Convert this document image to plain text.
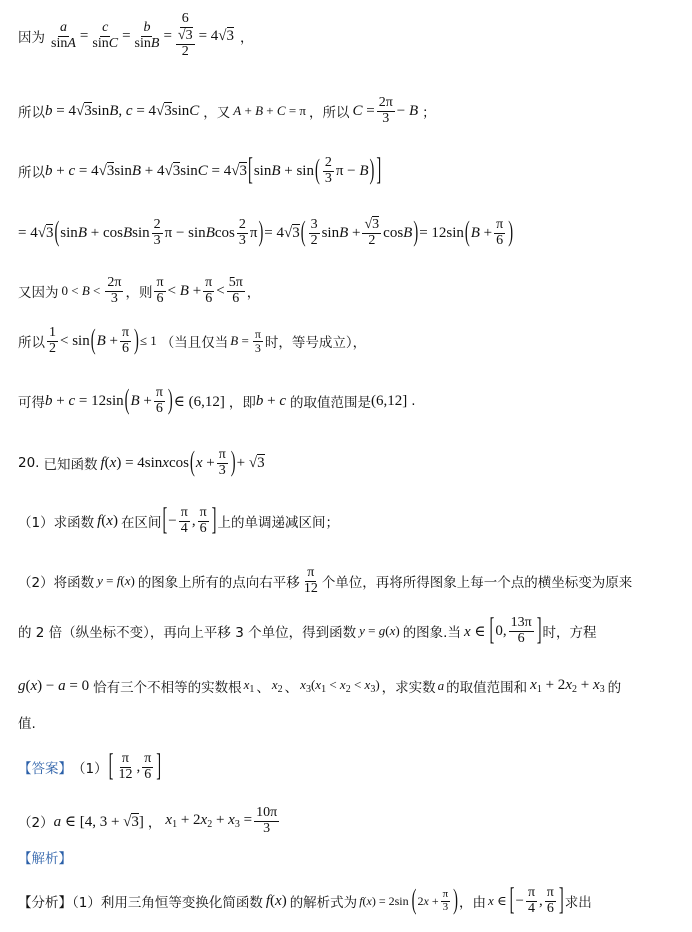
因为 $\frac{a}{\sin A} = \frac{c}{\sin C} = \frac{b}{\sin B} = 6$
√3
2 = 4√3 ，
所以 b = 4√3sinB, c = 4√3sinC ，又 A + B + C = π ，所以 $C = \frac{2\pi}{3} - B$ ；
所以 b + c = 4√3sinB + 4√3sinC = 4√3 [ sinB + sin ( $\frac{2}{3}$ π − B ) ]
= 4√3 ( sinB + cosBsin $\frac{2}{3}$ π − sinBcos $\frac{2}{3}$ π ) = 4√3 ( $\frac{3}{2}$ $\sin B + \frac{√3}{2}$ cosB ) = 12sin ( $B + \frac{\pi}{6}$ )
又因为 $0 < B < \frac{2\pi}{3}$ ，则 $\frac{\pi}{6} < B + \frac{\pi}{6} < \frac{5\pi}{6}$ ，
所以 $\frac{1}{2} < \sin$ ( $B + \frac{\pi}{6}$ ) ≤ 1 （当且仅当 $B = \frac{\pi}{3}$ 时，等号成立），
可得 b + c = 12sin ( $B + \frac{\pi}{6}$ ) ∈ (6,12] ，即 b + c 的取值范围是 (6,12] .
20. 已知函数 f(x) = 4sinxcos ( $x + \frac{\pi}{3}$ ) + √3
（1）求函数 f(x) 在区间 [ − $\frac{\pi}{4}$ , $\frac{\pi}{6}$ ] 上的单调递减区间；
（2）将函数 y = f(x) 的图象上所有的点向右平移 $\frac{\pi}{12}$ 个单位，再将所得图象上每一个点的横坐标变为原来
的 2 倍（纵坐标不变），再向上平移 3 个单位，得到函数 y = g(x) 的图象.当 x ∈ [ 0, $\frac{13\pi}{6}$ ] 时，方程
g(x) − a = 0 恰有三个不相等的实数根 $x_1$ 、 $x_2$ 、 $x_3(x_1 < x_2 < x_3)$ ，求实数 a 的取值范围和 $x_1 + 2x_2 + x_3$ 的
值.
【答案】 （1） [ $\frac{\pi}{12}$ , $\frac{\pi}{6}$ ]
（2） a ∈ [4, 3 + √3] ， $x_1 + 2x_2 + x_3 = \frac{10\pi}{3}$
【解析】
【分析】（1）利用三角恒等变换化简函数 f(x) 的解析式为 f(x) = 2sin ( $2x + \frac{\pi}{3}$ ) ，由 x ∈ [ − $\frac{\pi}{4}$ , $\frac{\pi}{6}$ ] 求出
